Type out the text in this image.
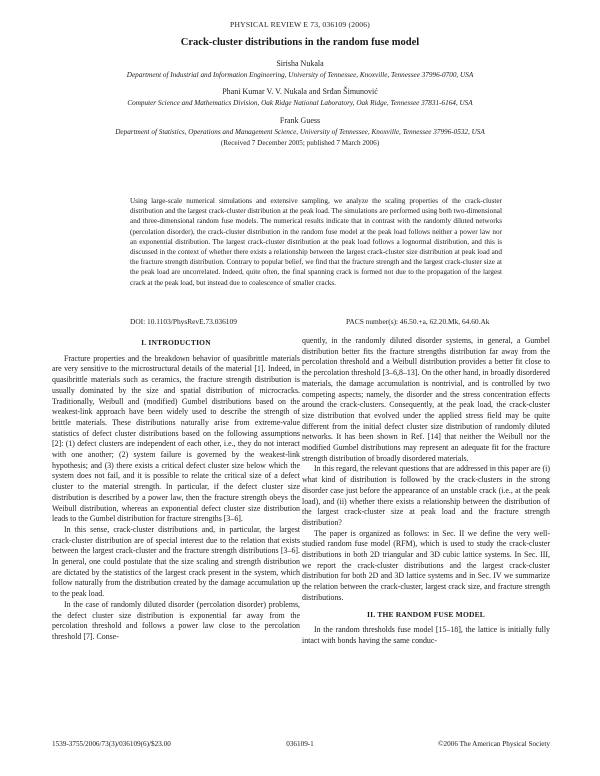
PHYSICAL REVIEW E 73, 036109 (2006)
Crack-cluster distributions in the random fuse model
Sirisha Nukala
Department of Industrial and Information Engineering, University of Tennessee, Knoxville, Tennessee 37996-0700, USA
Phani Kumar V. V. Nukala and Srđan Šimunović
Computer Science and Mathematics Division, Oak Ridge National Laboratory, Oak Ridge, Tennessee 37831-6164, USA
Frank Guess
Department of Statistics, Operations and Management Science, University of Tennessee, Knoxville, Tennessee 37996-0532, USA
(Received 7 December 2005; published 7 March 2006)
Using large-scale numerical simulations and extensive sampling, we analyze the scaling properties of the crack-cluster distribution and the largest crack-cluster distribution at the peak load. The simulations are performed using both two-dimensional and three-dimensional random fuse models. The numerical results indicate that in contrast with the randomly diluted networks (percolation disorder), the crack-cluster distribution in the random fuse model at the peak load follows neither a power law nor an exponential distribution. The largest crack-cluster distribution at the peak load follows a lognormal distribution, and this is discussed in the context of whether there exists a relationship between the largest crack-cluster size distribution at peak load and the fracture strength distribution. Contrary to popular belief, we find that the fracture strength and the largest crack-cluster size at the peak load are uncorrelated. Indeed, quite often, the final spanning crack is formed not due to the propagation of the largest crack at the peak load, but instead due to coalescence of smaller cracks.
DOI: 10.1103/PhysRevE.73.036109	PACS number(s): 46.50.+a, 62.20.Mk, 64.60.Ak

I. INTRODUCTION

Fracture properties and the breakdown behavior of quasibrittle materials are very sensitive to the microstructural details of the material [1]. Indeed, in quasibrittle materials such as ceramics, the fracture strength distribution is usually dominated by the size and spatial distribution of microcracks. Traditionally, Weibull and (modified) Gumbel distributions based on the weakest-link approach have been widely used to describe the strength of brittle materials. These distributions naturally arise from extreme-value statistics of defect cluster distributions based on the following assumptions [2]: (1) defect clusters are independent of each other, i.e., they do not interact with one another; (2) system failure is governed by the weakest-link hypothesis; and (3) there exists a critical defect cluster size below which the system does not fail, and it is possible to relate the critical size of a defect cluster to the material strength. In particular, if the defect cluster size distribution is described by a power law, then the fracture strength obeys the Weibull distribution, whereas an exponential defect cluster size distribution leads to the Gumbel distribution for fracture strengths [3–6].

In this sense, crack-cluster distributions and, in particular, the largest crack-cluster distribution are of special interest due to the relation that exists between the largest crack-cluster and the fracture strength distributions [3–6]. In general, one could postulate that the size scaling and strength distribution are dictated by the statistics of the largest crack present in the system, which follow naturally from the distribution created by the damage accumulation up to the peak load.

In the case of randomly diluted disorder (percolation disorder) problems, the defect cluster size distribution is exponential far away from the percolation threshold and follows a power law close to the percolation threshold [7]. Conse-

quently, in the randomly diluted disorder systems, in general, a Gumbel distribution better fits the fracture strengths distribution far away from the percolation threshold and a Weibull distribution provides a better fit close to the percolation threshold [3–6,8–13]. On the other hand, in broadly disordered materials, the damage accumulation is nontrivial, and is controlled by two competing aspects; namely, the disorder and the stress concentration effects around the crack-clusters. Consequently, at the peak load, the crack-cluster size distribution that evolved under the applied stress field may be quite different from the initial defect cluster size distribution of randomly diluted networks. It has been shown in Ref. [14] that neither the Weibull nor the modified Gumbel distributions may represent an adequate fit for the fracture strength distribution of broadly disordered materials.

In this regard, the relevant questions that are addressed in this paper are (i) what kind of distribution is followed by the crack-clusters in the strong disorder case just before the appearance of an unstable crack (i.e., at the peak load), and (ii) whether there exists a relationship between the distribution of the largest crack-cluster size at peak load and the fracture strength distribution?

The paper is organized as follows: in Sec. II we define the very well-studied random fuse model (RFM), which is used to study the crack-cluster distributions in both 2D triangular and 3D cubic lattice systems. In Sec. III, we report the crack-cluster distributions and the largest crack-cluster distribution for both 2D and 3D lattice systems and in Sec. IV we summarize the relation between the crack-cluster, largest crack size, and fracture strength distributions.

II. THE RANDOM FUSE MODEL

In the random thresholds fuse model [15–18], the lattice is initially fully intact with bonds having the same conduc-

1539-3755/2006/73(3)/036109(6)/$23.00	036109-1	©2006 The American Physical Society
